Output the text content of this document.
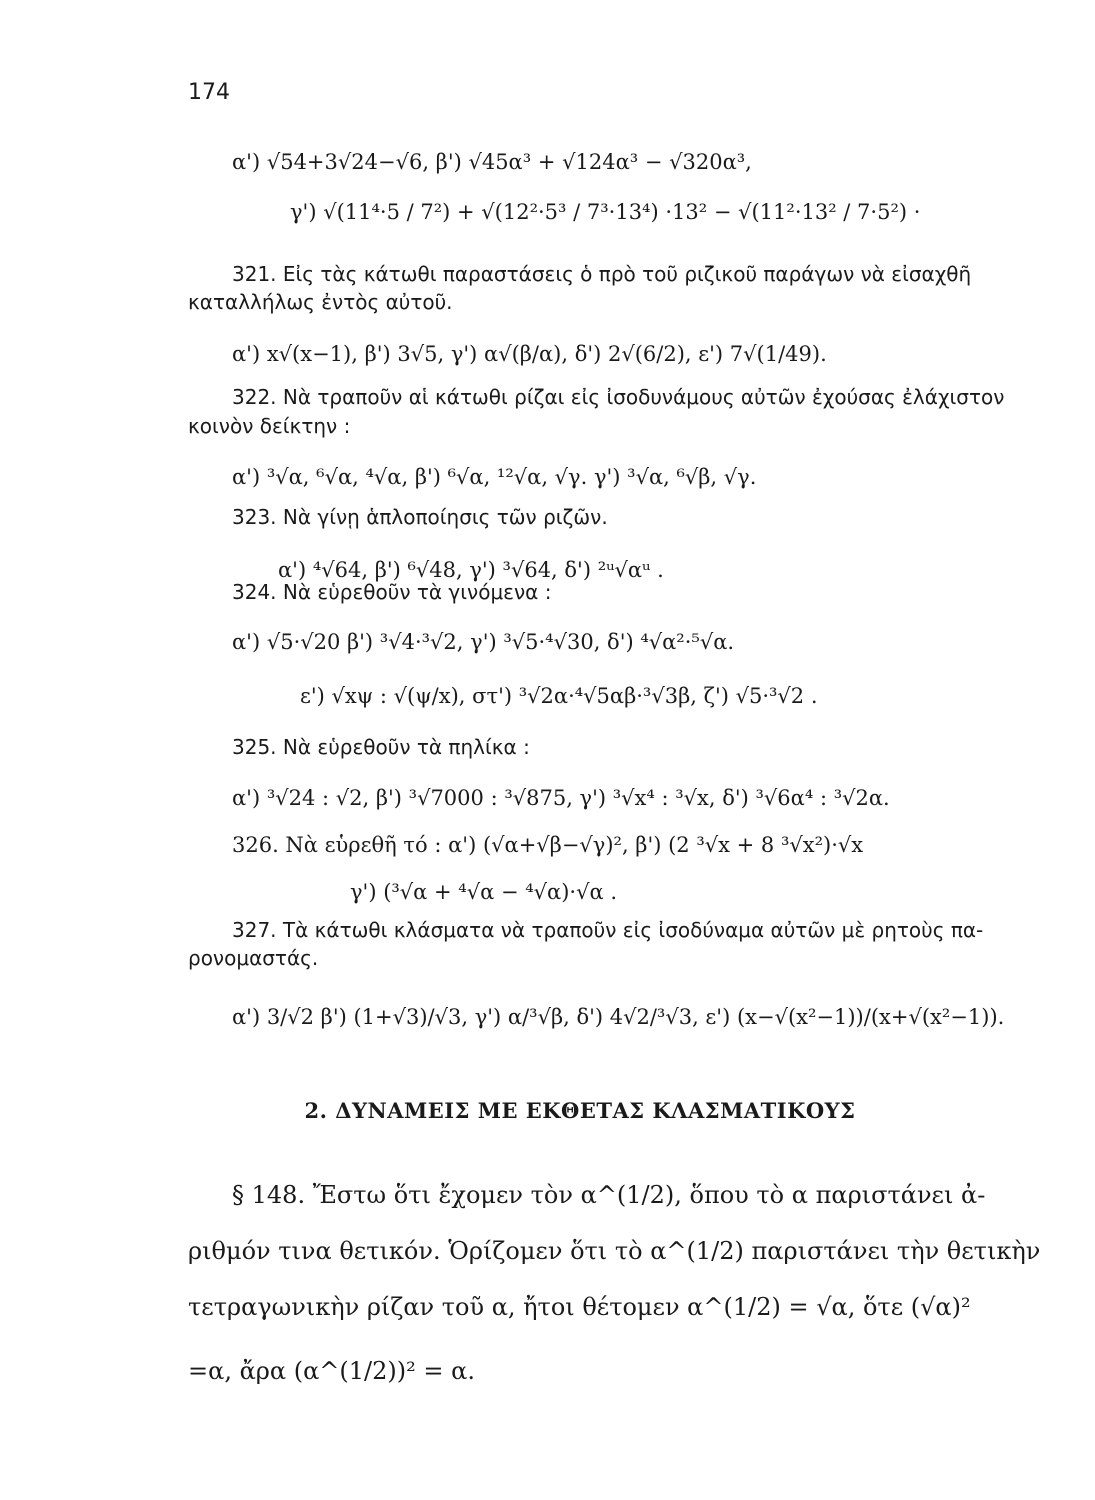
174
α') √54+3√24−√6, β') √45α³ + √124α³ − √320α³,
γ') √(11⁴·5 / 7²) + √(12²·5³ / 7³·13⁴) ·13² − √(11²·13² / 7·5²) ·
321. Εἰς τὰς κάτωθι παραστάσεις ὁ πρὸ τοῦ ριζικοῦ παράγων νὰ εἰσαχθῆ
καταλλήλως ἐντὸς αὐτοῦ.
α') x√(x−1), β') 3√5, γ') α√(β/α), δ') 2√(6/2), ε') 7√(1/49).
322. Νὰ τραποῦν αἱ κάτωθι ρίζαι εἰς ἰσοδυνάμους αὐτῶν ἐχούσας ἐλάχιστον
κοινὸν δείκτην :
α') ³√α, ⁶√α, ⁴√α, β') ⁶√α, ¹²√α, √γ. γ') ³√α, ⁶√β, √γ.
323. Νὰ γίνῃ ἁπλοποίησις τῶν ριζῶν.
α') ⁴√64, β') ⁶√48, γ') ³√64, δ') ²ᵘ√αᵘ .
324. Νὰ εὑρεθοῦν τὰ γινόμενα :
α') √5·√20 β') ³√4·³√2, γ') ³√5·⁴√30, δ') ⁴√α²·⁵√α.
ε') √xψ : √(ψ/x), στ') ³√2α·⁴√5αβ·³√3β, ζ') √5·³√2 .
325. Νὰ εὑρεθοῦν τὰ πηλίκα :
α') ³√24 : √2, β') ³√7000 : ³√875, γ') ³√x⁴ : ³√x, δ') ³√6α⁴ : ³√2α.
326. Νὰ εὑρεθῆ τό : α') (√α+√β−√γ)², β') (2 ³√x + 8 ³√x²)·√x
γ') (³√α + ⁴√α − ⁴√α)·√α .
327. Τὰ κάτωθι κλάσματα νὰ τραποῦν εἰς ἰσοδύναμα αὐτῶν μὲ ρητοὺς πα-
ρονομαστάς.
α') 3/√2 β') (1+√3)/√3, γ') α/³√β, δ') 4√2/³√3, ε') (x−√(x²−1))/(x+√(x²−1)).
2. ΔΥΝΑΜΕΙΣ ΜΕ ΕΚΘΕΤΑΣ ΚΛΑΣΜΑΤΙΚΟΥΣ
§ 148. Ἔστω ὅτι ἔχομεν τὸν α^(1/2), ὅπου τὸ α παριστάνει ἀ-
ριθμόν τινα θετικόν. Ὁρίζομεν ὅτι τὸ α^(1/2) παριστάνει τὴν θετικὴν
τετραγωνικὴν ρίζαν τοῦ α, ἤτοι θέτομεν α^(1/2) = √α, ὅτε (√α)²
=α, ἄρα (α^(1/2))² = α.
